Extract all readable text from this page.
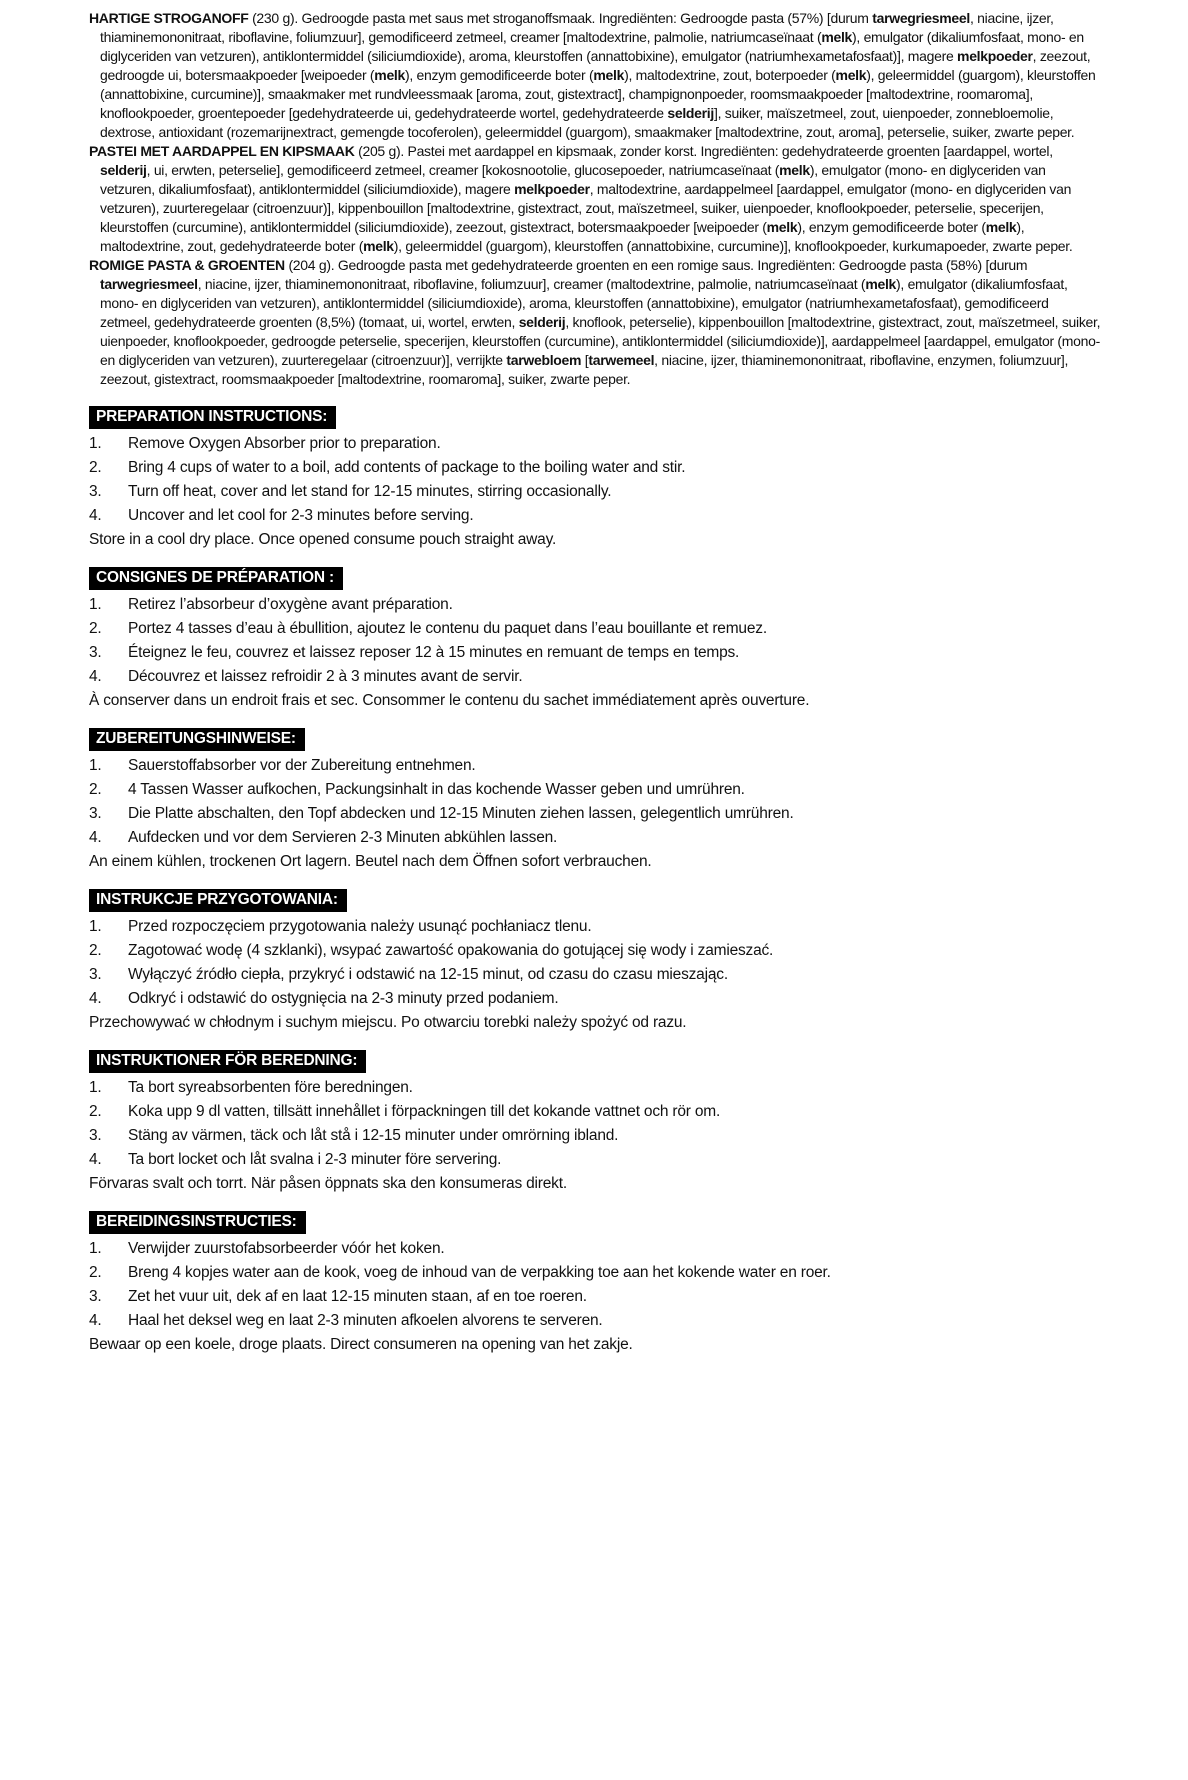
HARTIGE STROGANOFF (230 g). Gedroogde pasta met saus met stroganoffsmaak. Ingrediënten: Gedroogde pasta (57%) [durum tarwegriesmeel, niacine, ijzer, thiaminemononitraat, riboflavine, foliumzuur], gemodificeerd zetmeel, creamer [maltodextrine, palmolie, natriumcaseïnaat (melk), emulgator (dikaliumfosfaat, mono- en diglyceriden van vetzuren), antiklontermiddel (siliciumdioxide), aroma, kleurstoffen (annattobixine), emulgator (natriumhexametafosfaat)], magere melkpoeder, zeezout, gedroogde ui, botersmaakpoeder [weipoeder (melk), enzym gemodificeerde boter (melk), maltodextrine, zout, boterpoeder (melk), geleermiddel (guargom), kleurstoffen (annattobixine, curcumine)], smaakmaker met rundvleessmaak [aroma, zout, gistextract], champignonpoeder, roomsmaakpoeder [maltodextrine, roomaroma], knoflookpoeder, groentepoeder [gedehydrateerde ui, gedehydrateerde wortel, gedehydrateerde selderij], suiker, maïszetmeel, zout, uienpoeder, zonnebloemolie, dextrose, antioxidant (rozemarijnextract, gemengde tocoferolen), geleermiddel (guargom), smaakmaker [maltodextrine, zout, aroma], peterselie, suiker, zwarte peper.

PASTEI MET AARDAPPEL EN KIPSMAAK (205 g). Pastei met aardappel en kipsmaak, zonder korst. Ingrediënten: gedehydrateerde groenten [aardappel, wortel, selderij, ui, erwten, peterselie], gemodificeerd zetmeel, creamer [kokosnootolie, glucosepoeder, natriumcaseïnaat (melk), emulgator (mono- en diglyceriden van vetzuren, dikaliumfosfaat), antiklontermiddel (siliciumdioxide), magere melkpoeder, maltodextrine, aardappelmeel [aardappel, emulgator (mono- en diglyceriden van vetzuren), zuurteregelaar (citroenzuur)], kippenbouillon [maltodextrine, gistextract, zout, maïszetmeel, suiker, uienpoeder, knoflookpoeder, peterselie, specerijen, kleurstoffen (curcumine), antiklontermiddel (siliciumdioxide), zeezout, gistextract, botersmaakpoeder [weipoeder (melk), enzym gemodificeerde boter (melk), maltodextrine, zout, gedehydrateerde boter (melk), geleermiddel (guargom), kleurstoffen (annattobixine, curcumine)], knoflookpoeder, kurkumapoeder, zwarte peper.

ROMIGE PASTA & GROENTEN (204 g). Gedroogde pasta met gedehydrateerde groenten en een romige saus. Ingrediënten: Gedroogde pasta (58%) [durum tarwegriesmeel, niacine, ijzer, thiaminemononitraat, riboflavine, foliumzuur], creamer (maltodextrine, palmolie, natriumcaseïnaat (melk), emulgator (dikaliumfosfaat, mono- en diglyceriden van vetzuren), antiklontermiddel (siliciumdioxide), aroma, kleurstoffen (annattobixine), emulgator (natriumhexametafosfaat), gemodificeerd zetmeel, gedehydrateerde groenten (8,5%) (tomaat, ui, wortel, erwten, selderij, knoflook, peterselie), kippenbouillon [maltodextrine, gistextract, zout, maïszetmeel, suiker, uienpoeder, knoflookpoeder, gedroogde peterselie, specerijen, kleurstoffen (curcumine), antiklontermiddel (siliciumdioxide)], aardappelmeel [aardappel, emulgator (mono- en diglyceriden van vetzuren), zuurteregelaar (citroenzuur)], verrijkte tarwebloem [tarwemeel, niacine, ijzer, thiaminemononitraat, riboflavine, enzymen, foliumzuur], zeezout, gistextract, roomsmaakpoeder [maltodextrine, roomaroma], suiker, zwarte peper.

PREPARATION INSTRUCTIONS:
Remove Oxygen Absorber prior to preparation.
Bring 4 cups of water to a boil, add contents of package to the boiling water and stir.
Turn off heat, cover and let stand for 12-15 minutes, stirring occasionally.
Uncover and let cool for 2-3 minutes before serving.

Store in a cool dry place. Once opened consume pouch straight away.

CONSIGNES DE PRÉPARATION :
Retirez l’absorbeur d’oxygène avant préparation.
Portez 4 tasses d’eau à ébullition, ajoutez le contenu du paquet dans l’eau bouillante et remuez.
Éteignez le feu, couvrez et laissez reposer 12 à 15 minutes en remuant de temps en temps.
Découvrez et laissez refroidir 2 à 3 minutes avant de servir.

À conserver dans un endroit frais et sec. Consommer le contenu du sachet immédiatement après ouverture.

ZUBEREITUNGSHINWEISE:
Sauerstoffabsorber vor der Zubereitung entnehmen.
4 Tassen Wasser aufkochen, Packungsinhalt in das kochende Wasser geben und umrühren.
Die Platte abschalten, den Topf abdecken und 12-15 Minuten ziehen lassen, gelegentlich umrühren.
Aufdecken und vor dem Servieren 2-3 Minuten abkühlen lassen.

An einem kühlen, trockenen Ort lagern. Beutel nach dem Öffnen sofort verbrauchen.

INSTRUKCJE PRZYGOTOWANIA:
Przed rozpoczęciem przygotowania należy usunąć pochłaniacz tlenu.
Zagotować wodę (4 szklanki), wsypać zawartość opakowania do gotującej się wody i zamieszać.
Wyłączyć źródło ciepła, przykryć i odstawić na 12-15 minut, od czasu do czasu mieszając.
Odkryć i odstawić do ostygnięcia na 2-3 minuty przed podaniem.

Przechowywać w chłodnym i suchym miejscu. Po otwarciu torebki należy spożyć od razu.

INSTRUKTIONER FÖR BEREDNING:
Ta bort syreabsorbenten före beredningen.
Koka upp 9 dl vatten, tillsätt innehållet i förpackningen till det kokande vattnet och rör om.
Stäng av värmen, täck och låt stå i 12-15 minuter under omrörning ibland.
Ta bort locket och låt svalna i 2-3 minuter före servering.

Förvaras svalt och torrt. När påsen öppnats ska den konsumeras direkt.

BEREIDINGSINSTRUCTIES:
Verwijder zuurstofabsorbeerder vóór het koken.
Breng 4 kopjes water aan de kook, voeg de inhoud van de verpakking toe aan het kokende water en roer.
Zet het vuur uit, dek af en laat 12-15 minuten staan, af en toe roeren.
Haal het deksel weg en laat 2-3 minuten afkoelen alvorens te serveren.

Bewaar op een koele, droge plaats. Direct consumeren na opening van het zakje.
